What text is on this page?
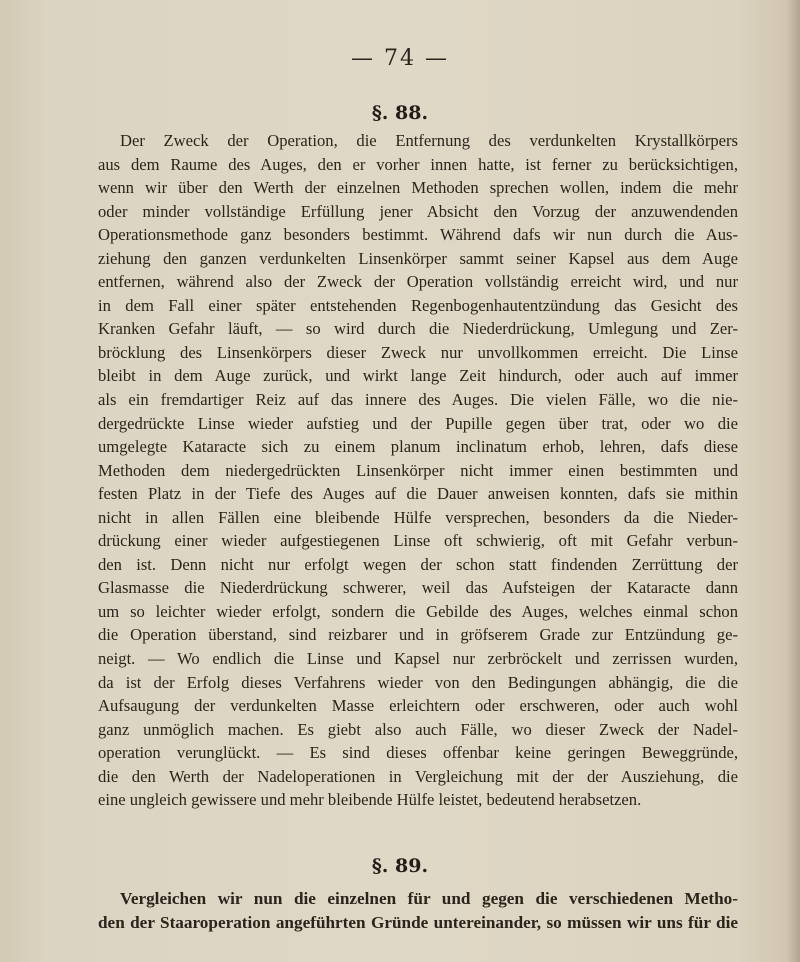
— 74 —
§. 88.
Der Zweck der Operation, die Entfernung des verdunkelten Krystallkörpers
aus dem Raume des Auges, den er vorher innen hatte, ist ferner zu berücksichtigen,
wenn wir über den Werth der einzelnen Methoden sprechen wollen, indem die mehr
oder minder vollständige Erfüllung jener Absicht den Vorzug der anzuwendenden
Operationsmethode ganz besonders bestimmt. Während dafs wir nun durch die Aus-
ziehung den ganzen verdunkelten Linsenkörper sammt seiner Kapsel aus dem Auge
entfernen, während also der Zweck der Operation vollständig erreicht wird, und nur
in dem Fall einer später entstehenden Regenbogenhautentzündung das Gesicht des
Kranken Gefahr läuft, — so wird durch die Niederdrückung, Umlegung und Zer-
bröcklung des Linsenkörpers dieser Zweck nur unvollkommen erreicht. Die Linse
bleibt in dem Auge zurück, und wirkt lange Zeit hindurch, oder auch auf immer
als ein fremdartiger Reiz auf das innere des Auges. Die vielen Fälle, wo die nie-
dergedrückte Linse wieder aufstieg und der Pupille gegen über trat, oder wo die
umgelegte Kataracte sich zu einem planum inclinatum erhob, lehren, dafs diese
Methoden dem niedergedrückten Linsenkörper nicht immer einen bestimmten und
festen Platz in der Tiefe des Auges auf die Dauer anweisen konnten, dafs sie mithin
nicht in allen Fällen eine bleibende Hülfe versprechen, besonders da die Nieder-
drückung einer wieder aufgestiegenen Linse oft schwierig, oft mit Gefahr verbun-
den ist. Denn nicht nur erfolgt wegen der schon statt findenden Zerrüttung der
Glasmasse die Niederdrückung schwerer, weil das Aufsteigen der Kataracte dann
um so leichter wieder erfolgt, sondern die Gebilde des Auges, welches einmal schon
die Operation überstand, sind reizbarer und in gröfserem Grade zur Entzündung ge-
neigt. — Wo endlich die Linse und Kapsel nur zerbröckelt und zerrissen wurden,
da ist der Erfolg dieses Verfahrens wieder von den Bedingungen abhängig, die die
Aufsaugung der verdunkelten Masse erleichtern oder erschweren, oder auch wohl
ganz unmöglich machen. Es giebt also auch Fälle, wo dieser Zweck der Nadel-
operation verunglückt. — Es sind dieses offenbar keine geringen Beweggründe,
die den Werth der Nadeloperationen in Vergleichung mit der der Ausziehung, die
eine ungleich gewissere und mehr bleibende Hülfe leistet, bedeutend herabsetzen.
§. 89.
Vergleichen wir nun die einzelnen für und gegen die verschiedenen Metho-
den der Staaroperation angeführten Gründe untereinander, so müssen wir uns für die
